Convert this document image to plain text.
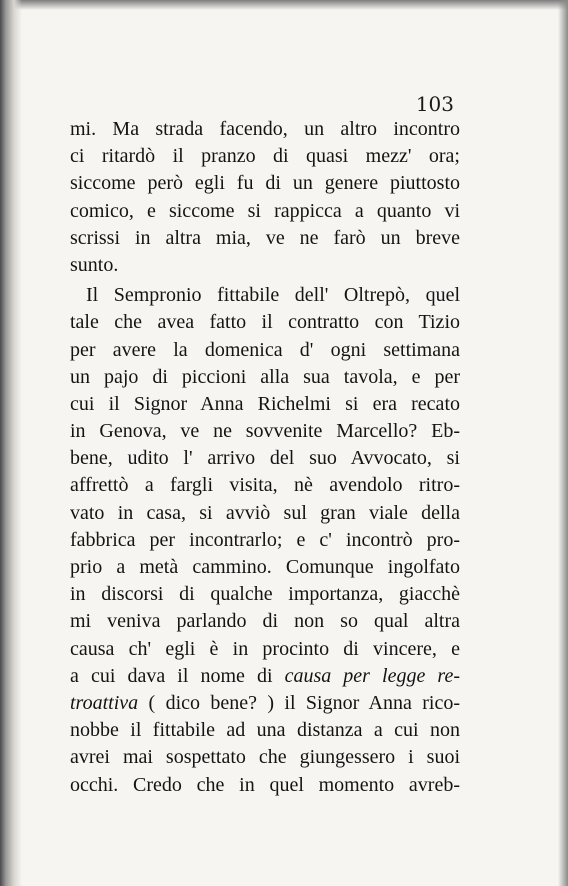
103
mi. Ma strada facendo, un altro incontro
ci ritardò il pranzo di quasi mezz' ora;
siccome però egli fu di un genere piuttosto
comico, e siccome si rappicca a quanto vi
scrissi in altra mia, ve ne farò un breve
sunto.
Il Sempronio fittabile dell' Oltrepò, quel
tale che avea fatto il contratto con Tizio
per avere la domenica d' ogni settimana
un pajo di piccioni alla sua tavola, e per
cui il Signor Anna Richelmi si era recato
in Genova, ve ne sovvenite Marcello? Eb-
bene, udito l' arrivo del suo Avvocato, si
affrettò a fargli visita, nè avendolo ritro-
vato in casa, si avviò sul gran viale della
fabbrica per incontrarlo; e c' incontrò pro-
prio a metà cammino. Comunque ingolfato
in discorsi di qualche importanza, giacchè
mi veniva parlando di non so qual altra
causa ch' egli è in procinto di vincere, e
a cui dava il nome di causa per legge re-
troattiva ( dico bene? ) il Signor Anna rico-
nobbe il fittabile ad una distanza a cui non
avrei mai sospettato che giungessero i suoi
occhi. Credo che in quel momento avreb-
